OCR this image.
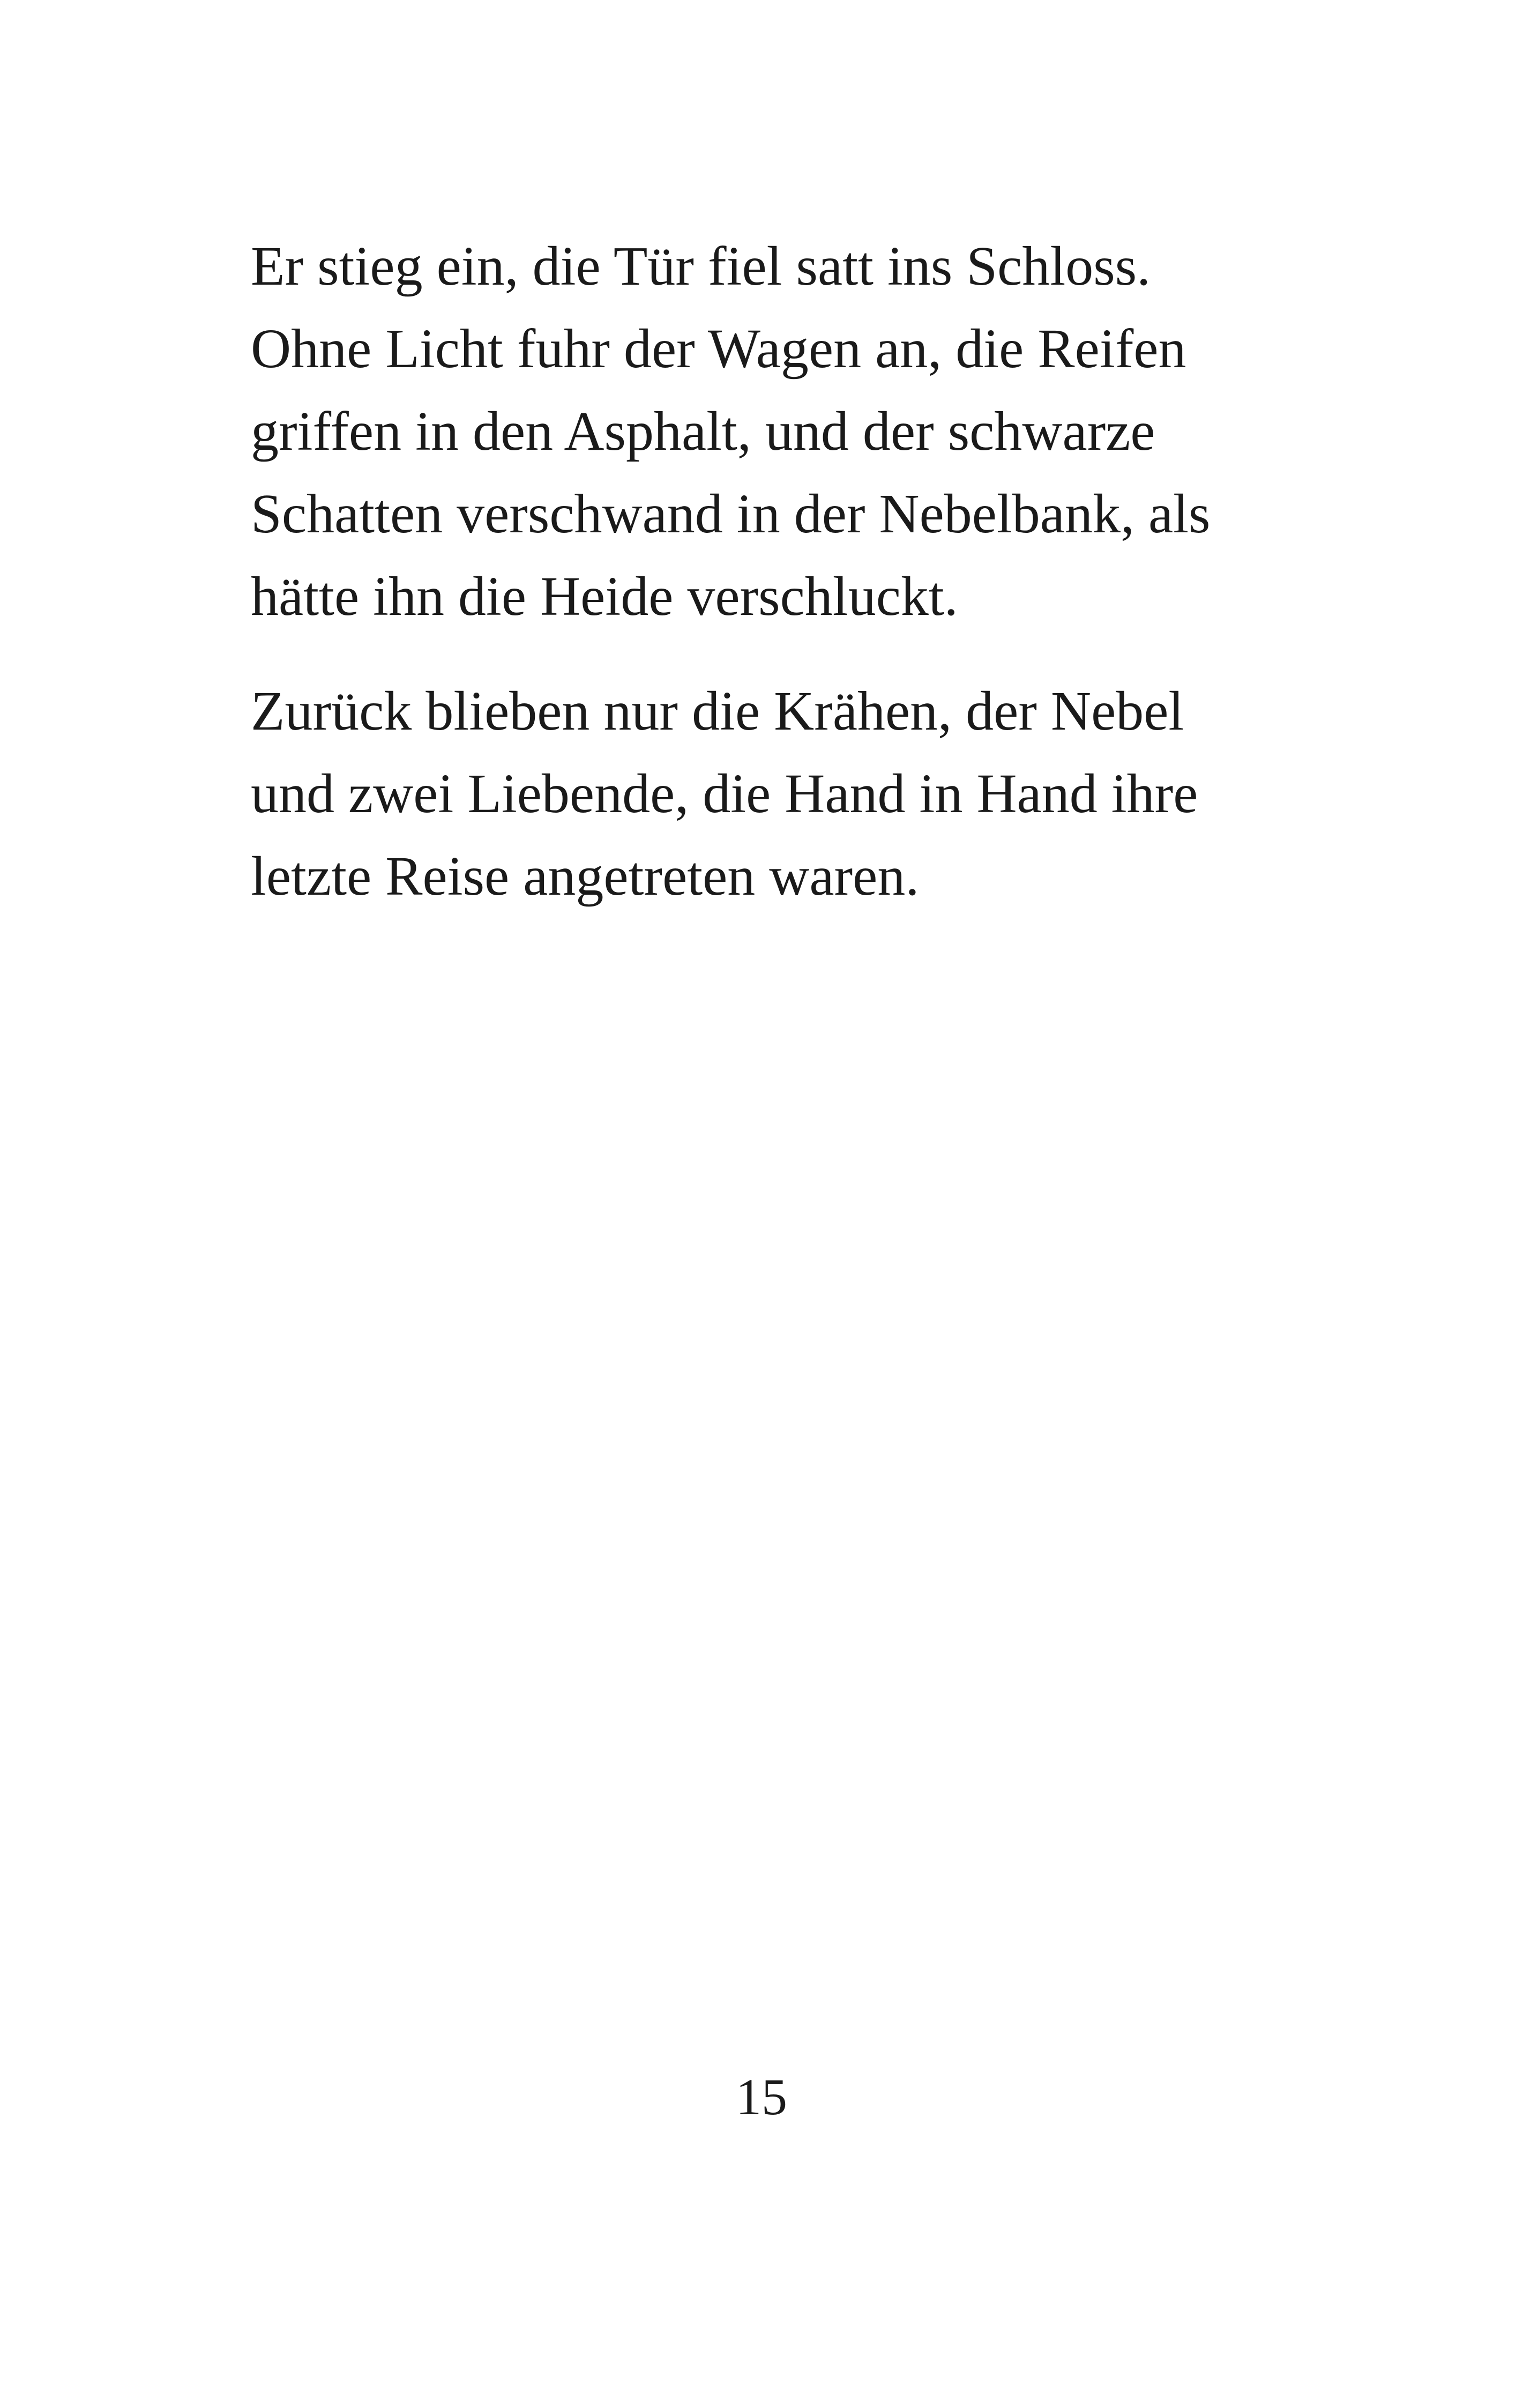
Er stieg ein, die Tür fiel satt ins Schloss.
Ohne Licht fuhr der Wagen an, die Reifen
griffen in den Asphalt, und der schwarze
Schatten verschwand in der Nebelbank, als
hätte ihn die Heide verschluckt.

Zurück blieben nur die Krähen, der Nebel
und zwei Liebende, die Hand in Hand ihre
letzte Reise angetreten waren.

15
